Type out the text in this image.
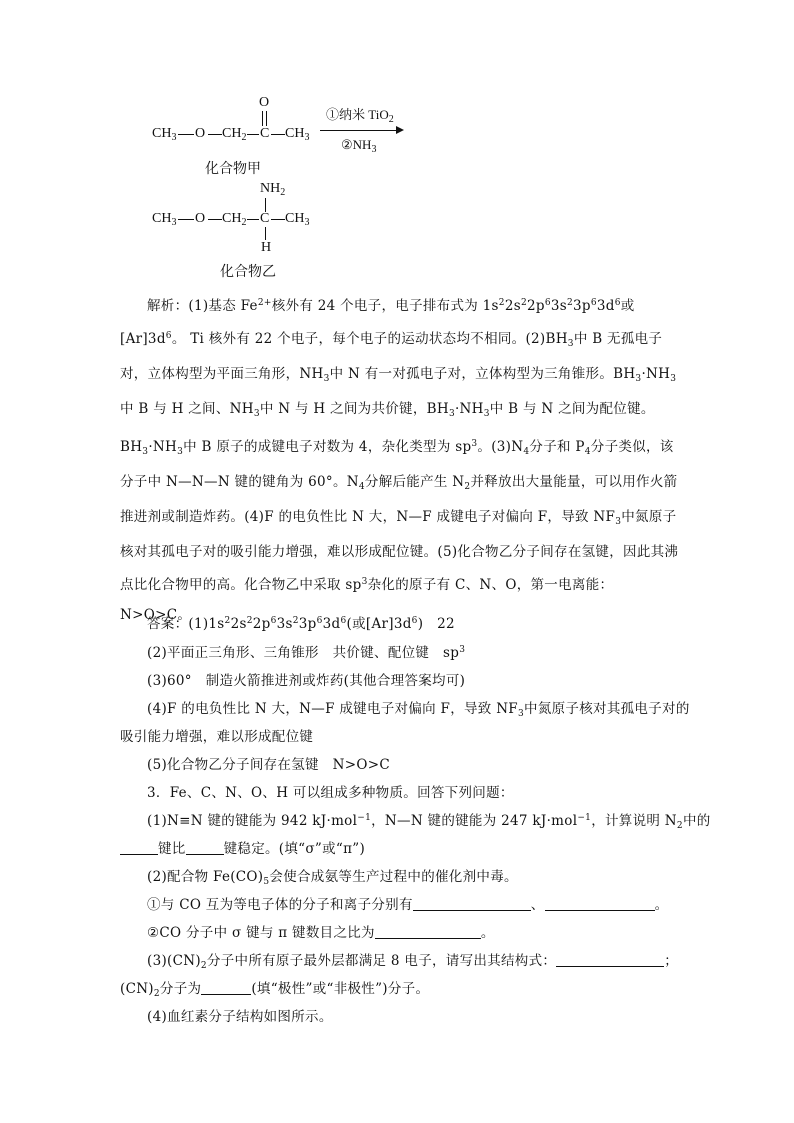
O
$CH_3$ O $CH_2$ C $CH_3$
①纳米 TiO$_2$
$②NH_3$
化合物甲
$NH_2$
$CH_3$ O $CH_2$ C $CH_3$
H
化合物乙
解析：(1)基态 $Fe^{2+}$核外有 24 个电子，电子排布式为 $1s^22s^22p^63s^23p^63d^6$或$[Ar]3d^6$。 Ti 核外有 22 个电子，每个电子的运动状态均不相同。$(2)BH_3$中 B 无孤电子对，立体构型为平面三角形，$NH_3$中 N 有一对孤电子对，立体构型为三角锥形。$BH_3\cdot NH_3$中 B 与 H 之间、$NH_3$中 N 与 H 之间为共价键，$BH_3\cdot NH_3$中 B 与 N 之间为配位键。$BH_3\cdot NH_3$中 B 原子的成键电子对数为 4，杂化类型为 $sp^3$。$(3)N_4$分子和 $P_4$分子类似，该分子中 N—N—N 键的键角为 60°。$N_4$分解后能产生 $N_2$并释放出大量能量，可以用作火箭推进剂或制造炸药。(4)F 的电负性比 N 大，N—F 成键电子对偏向 F，导致 $NF_3$中氮原子核对其孤电子对的吸引能力增强，难以形成配位键。(5)化合物乙分子间存在氢键，因此其沸点比化合物甲的高。化合物乙中采取 $sp^3$杂化的原子有 C、N、O，第一电离能：N>O>C。
答案：$(1)1s^22s^22p^63s^23p^63d^6$(或$[Ar]3d^6$)　22
(2)平面正三角形、三角锥形　共价键、配位键　$sp^3$
(3)60°　制造火箭推进剂或炸药(其他合理答案均可)
(4)F 的电负性比 N 大，N—F 成键电子对偏向 F，导致 $NF_3$中氮原子核对其孤电子对的
吸引能力增强，难以形成配位键
(5)化合物乙分子间存在氢键　N>O>C
3．Fe、C、N、O、H 可以组成多种物质。回答下列问题：
(1)N≡N 键的键能为 942 kJ·mol$^{-1}$，N—N 键的键能为 247 kJ·mol$^{-1}$，计算说明 $N_2$中的
键比	键稳定。(填“σ”或“π”)
(2)配合物 $Fe(CO)_5$会使合成氨等生产过程中的催化剂中毒。
①与 CO 互为等电子体的分子和离子分别有	、	。
②CO 分子中 σ 键与 π 键数目之比为	。
$(3)(CN)_2$分子中所有原子最外层都满足 8 电子，请写出其结构式：	；
$(CN)_2$分子为	(填“极性”或“非极性”)分子。
(4)血红素分子结构如图所示。
